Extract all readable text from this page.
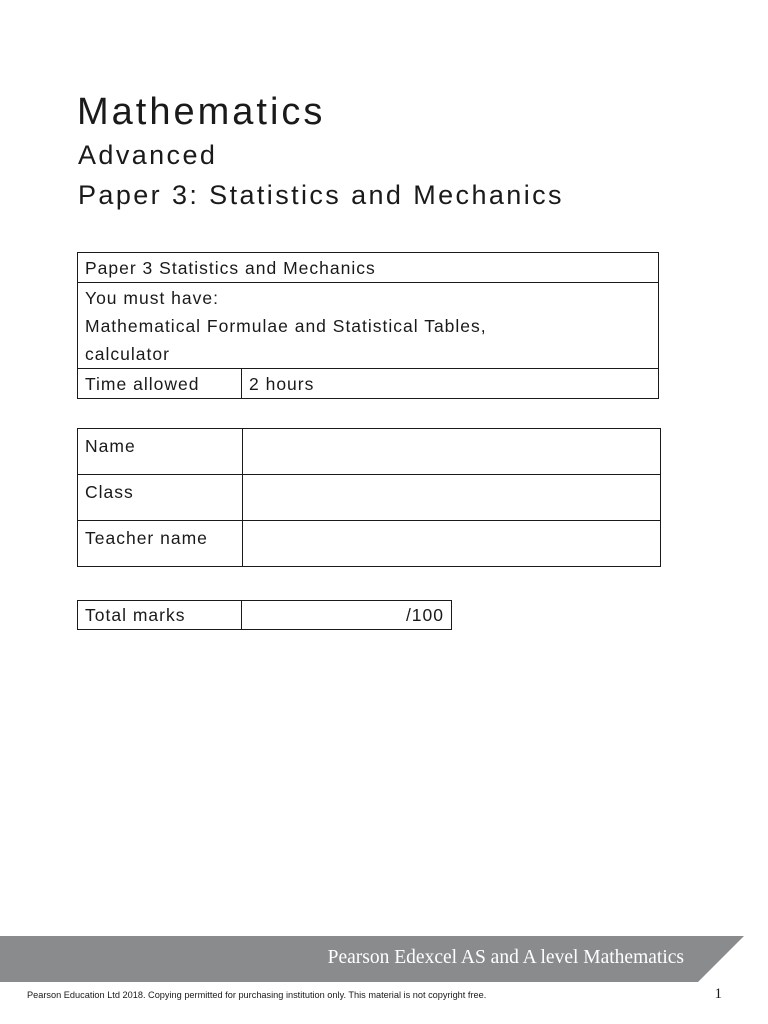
Mathematics
Advanced
Paper 3: Statistics and Mechanics
Paper 3 Statistics and Mechanics

You must have:
Mathematical Formulae and Statistical Tables,
calculator

Time allowed	2 hours
Name	
Class	
Teacher name	
Total marks	/100
Pearson Edexcel AS and A level Mathematics
Pearson Education Ltd 2018. Copying permitted for purchasing institution only. This material is not copyright free.	1
